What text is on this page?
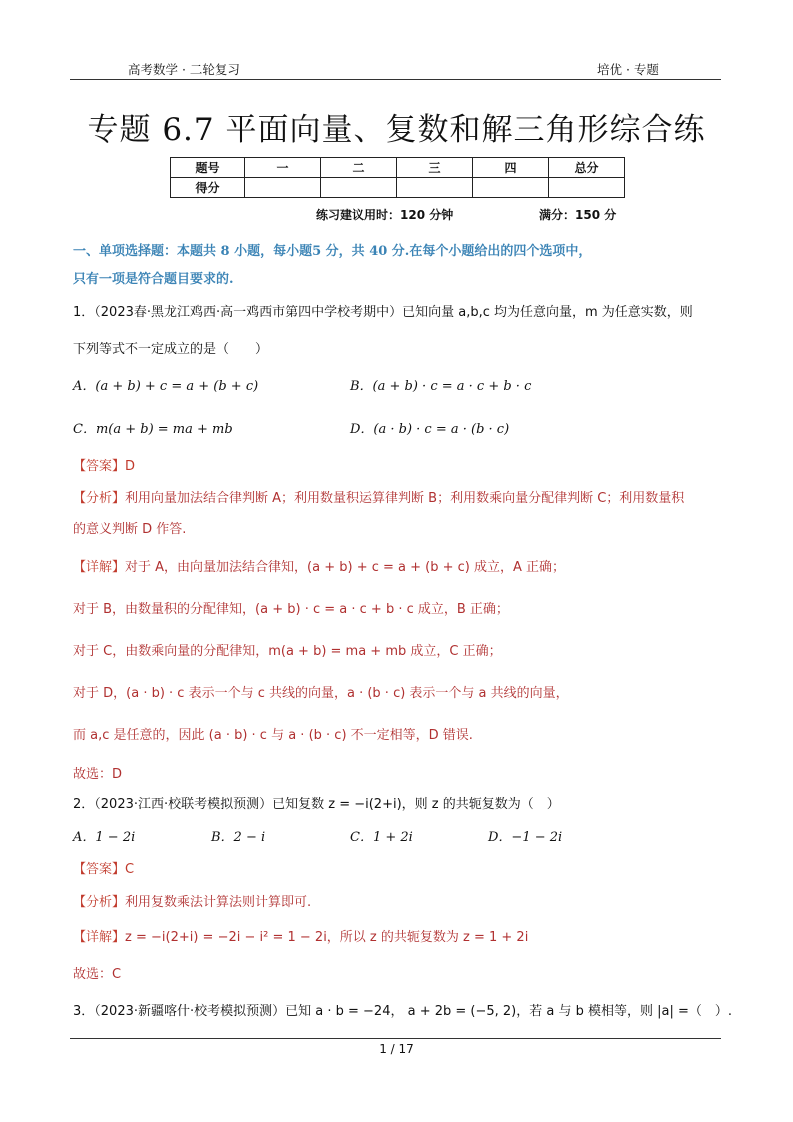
高考数学 · 二轮复习	培优 · 专题
专题 6.7 平面向量、复数和解三角形综合练
题号	一	二	三	四	总分
得分					
练习建议用时：120 分钟	满分：150 分
一、单项选择题：本题共 8 小题，每小题5 分，共 40 分.在每个小题给出的四个选项中，
只有一项是符合题目要求的.
1．（2023春·黑龙江鸡西·高一鸡西市第四中学校考期中）已知向量 a,b,c 均为任意向量，m 为任意实数，则
下列等式不一定成立的是（　　）
A．(a + b) + c = a + (b + c)	B．(a + b) · c = a · c + b · c
C．m(a + b) = ma + mb	D．(a · b) · c = a · (b · c)
【答案】D
【分析】利用向量加法结合律判断 A；利用数量积运算律判断 B；利用数乘向量分配律判断 C；利用数量积
的意义判断 D 作答.
【详解】对于 A，由向量加法结合律知，(a + b) + c = a + (b + c) 成立，A 正确；
对于 B，由数量积的分配律知，(a + b) · c = a · c + b · c 成立，B 正确；
对于 C，由数乘向量的分配律知，m(a + b) = ma + mb 成立，C 正确；
对于 D，(a · b) · c 表示一个与 c 共线的向量，a · (b · c) 表示一个与 a 共线的向量，
而 a,c 是任意的，因此 (a · b) · c 与 a · (b · c) 不一定相等，D 错误.
故选：D
2．（2023·江西·校联考模拟预测）已知复数 z = −i(2+i)，则 z 的共轭复数为（　）
A．1 − 2i	B．2 − i	C．1 + 2i	D．−1 − 2i
【答案】C
【分析】利用复数乘法计算法则计算即可.
【详解】z = −i(2+i) = −2i − i² = 1 − 2i，所以 z 的共轭复数为 z = 1 + 2i
故选：C
3．（2023·新疆喀什·校考模拟预测）已知 a · b = −24， a + 2b = (−5, 2)，若 a 与 b 模相等，则 |a| =（　）.
1 / 17
